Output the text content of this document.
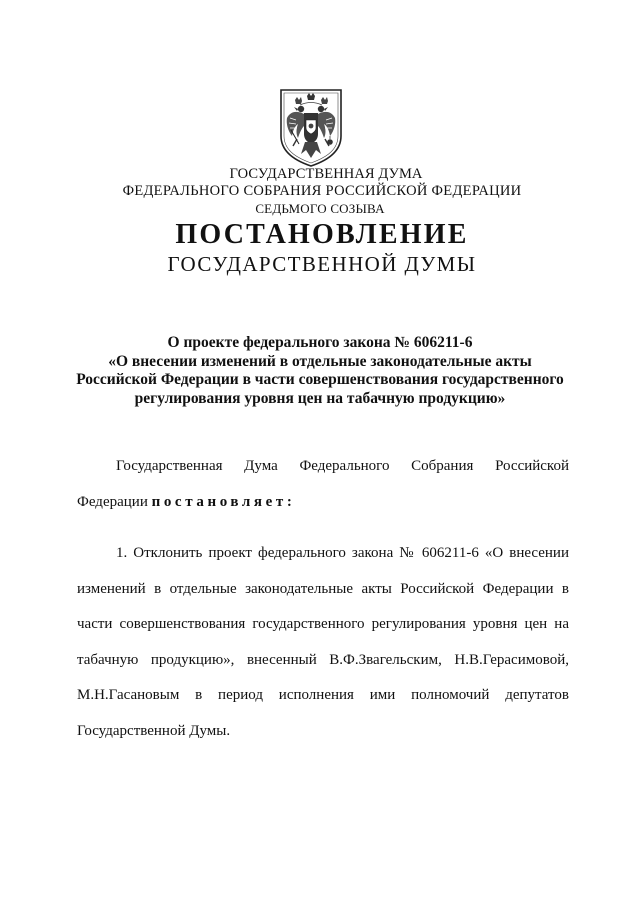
ГОСУДАРСТВЕННАЯ ДУМА
ФЕДЕРАЛЬНОГО СОБРАНИЯ РОССИЙСКОЙ ФЕДЕРАЦИИ
СЕДЬМОГО СОЗЫВА
ПОСТАНОВЛЕНИЕ
ГОСУДАРСТВЕННОЙ ДУМЫ
О проекте федерального закона № 606211-6
«О внесении изменений в отдельные законодательные акты
Российской Федерации в части совершенствования государственного
регулирования уровня цен на табачную продукцию»
Государственная Дума Федерального Собрания Российской
Федерации постановляет:
1. Отклонить проект федерального закона № 606211-6 «О внесении
изменений в отдельные законодательные акты Российской Федерации в
части совершенствования государственного регулирования уровня цен на
табачную продукцию», внесенный В.Ф.Звагельским, Н.В.Герасимовой,
М.Н.Гасановым в период исполнения ими полномочий депутатов
Государственной Думы.
